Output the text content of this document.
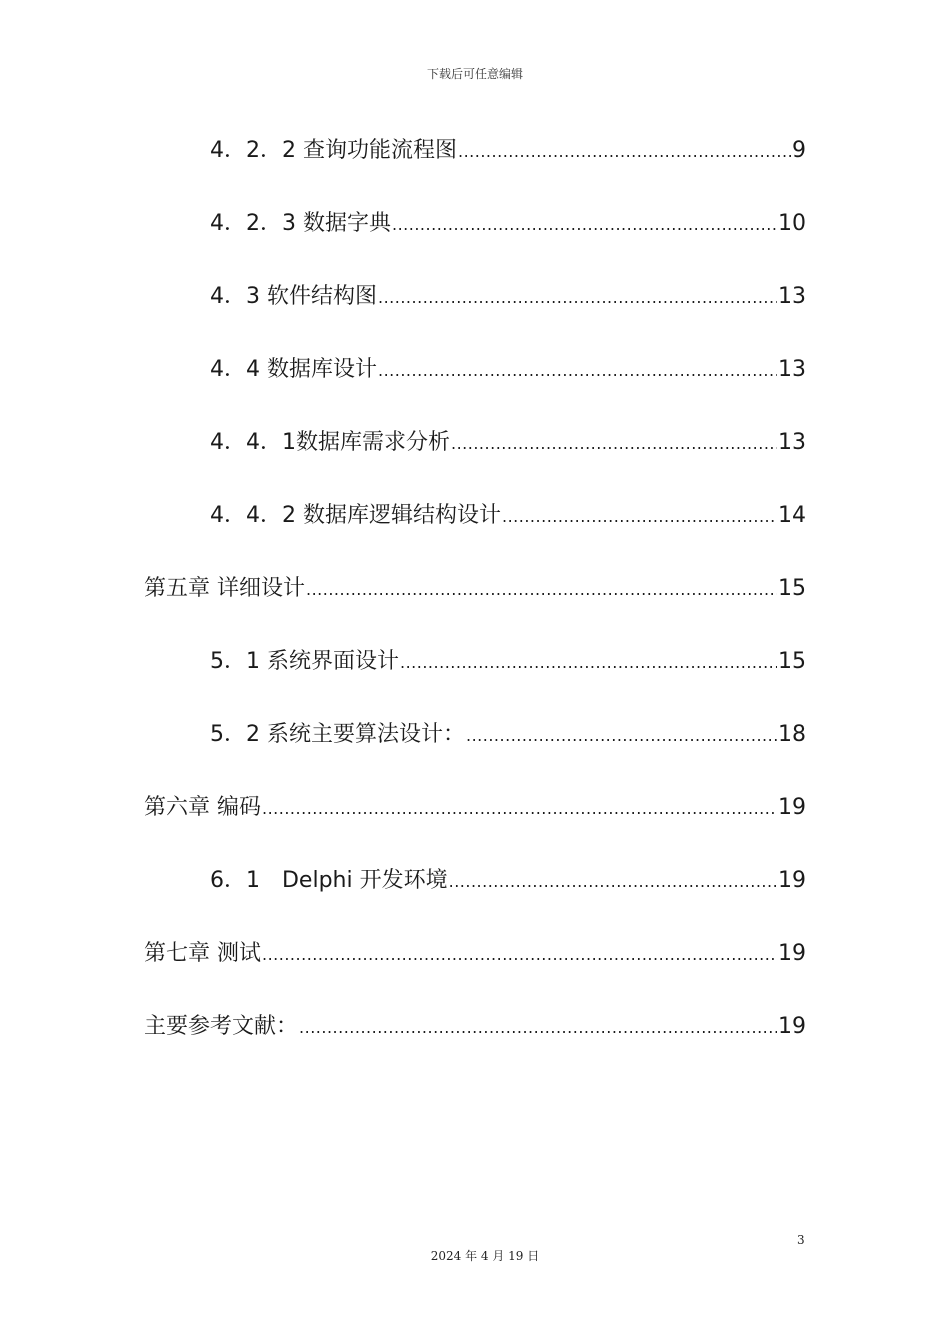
下载后可任意编辑
4．2．2 查询功能流程图 .....	9
4．2．3 数据字典 .....	10
4．3 软件结构图 .....	13
4．4 数据库设计 .....	13
4．4．1数据库需求分析 .....	13
4．4．2 数据库逻辑结构设计 .....	14
第五章 详细设计 .....	15
5．1 系统界面设计 .....	15
5．2 系统主要算法设计： .....	18
第六章 编码 .....	19
6．1　Delphi 开发环境 .....	19
第七章 测试 .....	19
主要参考文献： .....	19
3
2024 年 4 月 19 日
